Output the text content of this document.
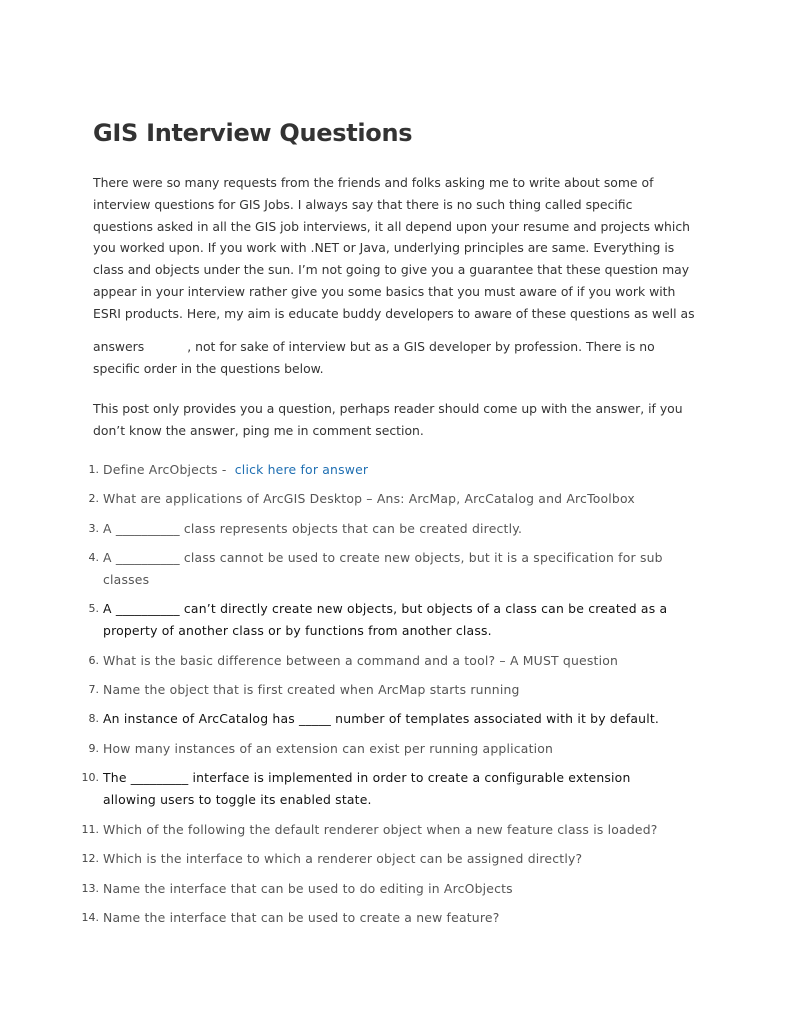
GIS Interview Questions
There were so many requests from the friends and folks asking me to write about some of
interview questions for GIS Jobs. I always say that there is no such thing called specific
questions asked in all the GIS job interviews, it all depend upon your resume and projects which
you worked upon. If you work with .NET or Java, underlying principles are same. Everything is
class and objects under the sun. I’m not going to give you a guarantee that these question may
appear in your interview rather give you some basics that you must aware of if you work with
ESRI products. Here, my aim is educate buddy developers to aware of these questions as well as
answers	, not for sake of interview but as a GIS developer by profession. There is no
specific order in the questions below.
This post only provides you a question, perhaps reader should come up with the answer, if you
don’t know the answer, ping me in comment section.
1. Define ArcObjects - click here for answer
2. What are applications of ArcGIS Desktop – Ans: ArcMap, ArcCatalog and ArcToolbox
3. A __________ class represents objects that can be created directly.
4. A __________ class cannot be used to create new objects, but it is a specification for sub
classes
5. A __________ can’t directly create new objects, but objects of a class can be created as a
property of another class or by functions from another class.
6. What is the basic difference between a command and a tool? – A MUST question
7. Name the object that is first created when ArcMap starts running
8. An instance of ArcCatalog has _____ number of templates associated with it by default.
9. How many instances of an extension can exist per running application
10. The _________ interface is implemented in order to create a configurable extension
allowing users to toggle its enabled state.
11. Which of the following the default renderer object when a new feature class is loaded?
12. Which is the interface to which a renderer object can be assigned directly?
13. Name the interface that can be used to do editing in ArcObjects
14. Name the interface that can be used to create a new feature?
